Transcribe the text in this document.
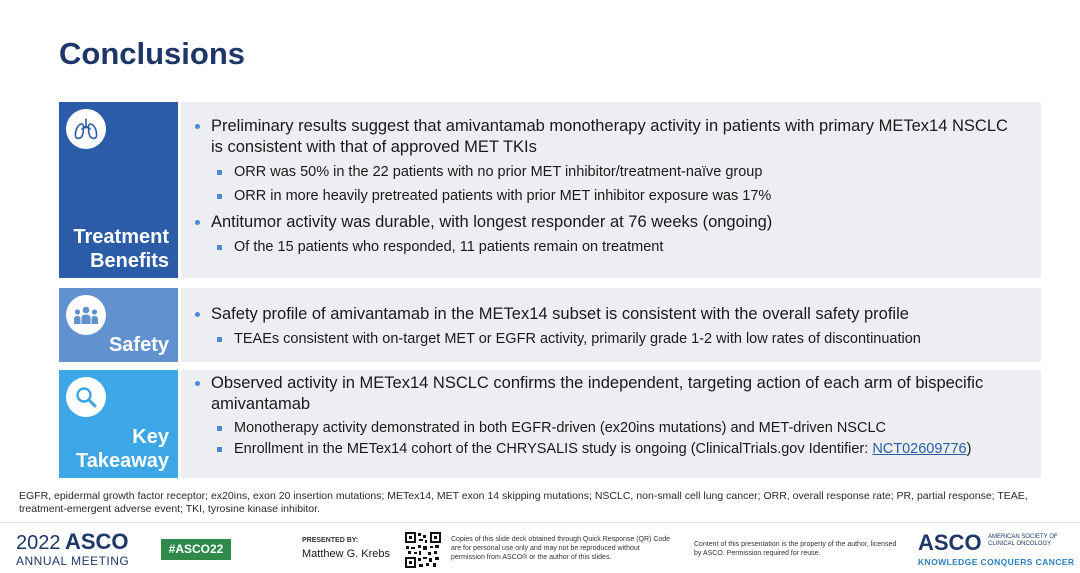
Conclusions
Treatment
Benefits
Preliminary results suggest that amivantamab monotherapy activity in patients with primary METex14 NSCLC is consistent with that of approved MET TKIs
ORR was 50% in the 22 patients with no prior MET inhibitor/treatment-naïve group
ORR in more heavily pretreated patients with prior MET inhibitor exposure was 17%
Antitumor activity was durable, with longest responder at 76 weeks (ongoing)
Of the 15 patients who responded, 11 patients remain on treatment
Safety
Safety profile of amivantamab in the METex14 subset is consistent with the overall safety profile
TEAEs consistent with on-target MET or EGFR activity, primarily grade 1-2 with low rates of discontinuation
Key
Takeaway
Observed activity in METex14 NSCLC confirms the independent, targeting action of each arm of bispecific amivantamab
Monotherapy activity demonstrated in both EGFR-driven (ex20ins mutations) and MET-driven NSCLC
Enrollment in the METex14 cohort of the CHRYSALIS study is ongoing (ClinicalTrials.gov Identifier: NCT02609776)
EGFR, epidermal growth factor receptor; ex20ins, exon 20 insertion mutations; METex14, MET exon 14 skipping mutations; NSCLC, non-small cell lung cancer; ORR, overall response rate; PR, partial response; TEAE, treatment-emergent adverse event; TKI, tyrosine kinase inhibitor.
2022 ASCO
ANNUAL MEETING
#ASCO22
PRESENTED BY:
Matthew G. Krebs
Copies of this slide deck obtained through Quick Response (QR) Code are for personal use only and may not be reproduced without permission from ASCO® or the author of this slides.
Content of this presentation is the property of the author, licensed by ASCO. Permission required for reuse.	ASCO	AMERICAN SOCIETY OF CLINICAL ONCOLOGY
KNOWLEDGE CONQUERS CANCER
